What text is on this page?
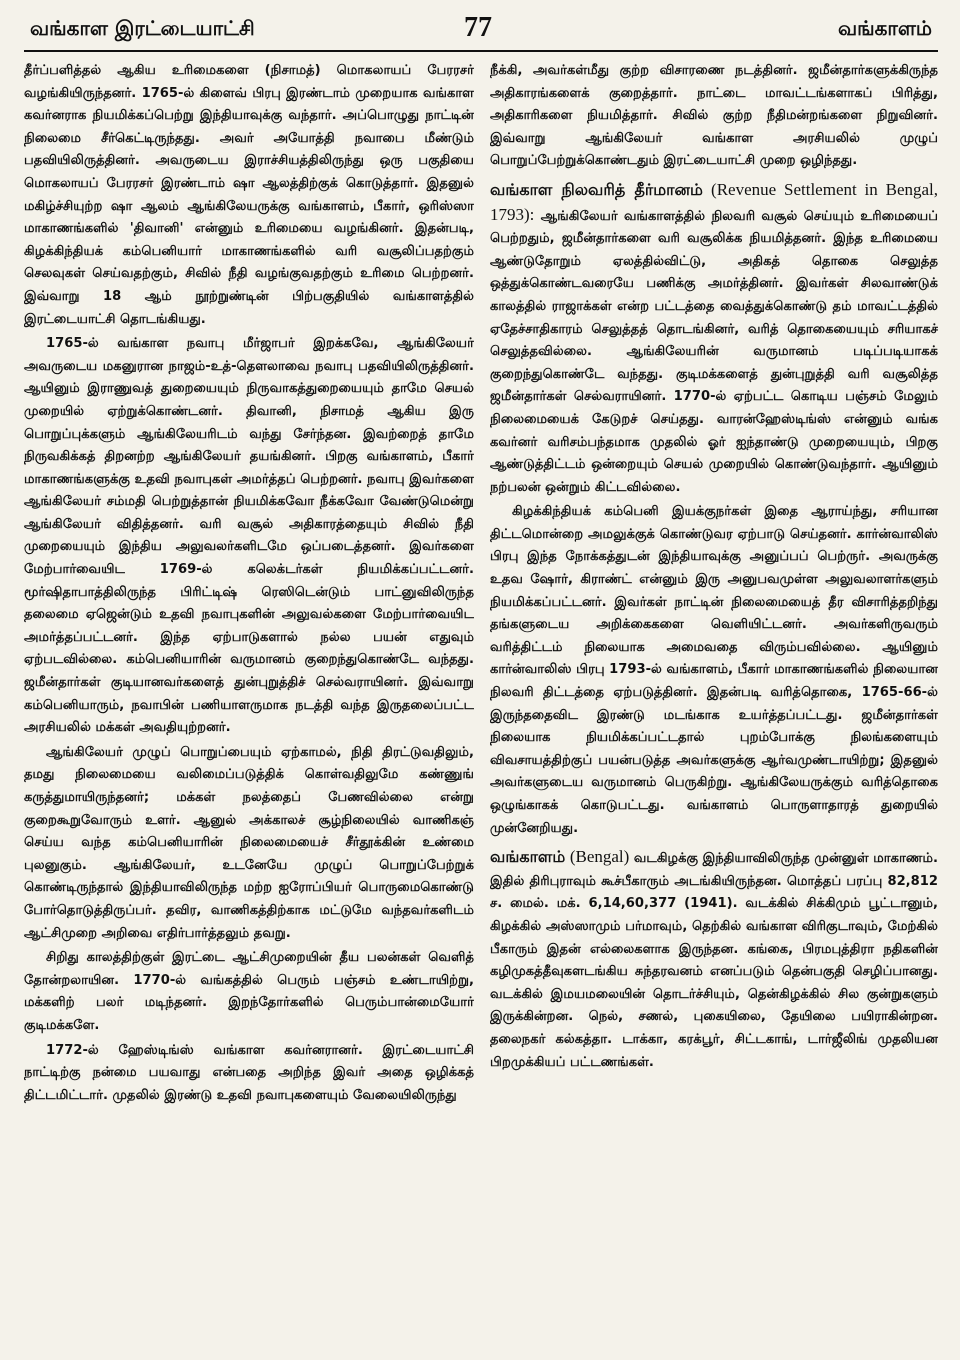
வங்காள இரட்டையாட்சி	77	வங்காளம்

தீர்ப்பளித்தல் ஆகிய உரிமைகளை (நிசாமத்) மொகலாயப் பேரரசர் வழங்கியிருந்தனர். 1765-ல் கிளைவ் பிரபு இரண்டாம் முறையாக வங்காள கவர்னராக நியமிக்கப்பெற்று இந்தியாவுக்கு வந்தார். அப்பொழுது நாட்டின் நிலைமை சீர்கெட்டிருந்தது. அவர் அயோத்தி நவாபை மீண்டும் பதவியிலிருத்தினர். அவருடைய இராச்சியத்திலிருந்து ஒரு பகுதியை மொகலாயப் பேரரசர் இரண்டாம் ஷா ஆலத்திற்குக் கொடுத்தார். இதனுல் மகிழ்ச்சியுற்ற ஷா ஆலம் ஆங்கிலேயருக்கு வங்காளம், பீகார், ஒரிஸ்ஸா மாகாணங்களில் 'திவானி' என்னும் உரிமையை வழங்கினர். இதன்படி, கிழக்கிந்தியக் கம்பெனியார் மாகாணங்களில் வரி வசூலிப்பதற்கும் செலவுகள் செய்வதற்கும், சிவில் நீதி வழங்குவதற்கும் உரிமை பெற்றனர். இவ்வாறு 18 ஆம் நூற்றுண்டின் பிற்பகுதியில் வங்காளத்தில் இரட்டையாட்சி தொடங்கியது.

1765-ல் வங்காள நவாபு மீர்ஜாபர் இறக்கவே, ஆங்கிலேயர் அவருடைய மகனுரான நாஜம்-உத்-தௌலாவை நவாபு பதவியிலிருத்தினர். ஆயினும் இராணுவத் துறையையும் நிருவாகத்துறையையும் தாமே செயல் முறையில் ஏற்றுக்கொண்டனர். திவானி, நிசாமத் ஆகிய இரு பொறுப்புக்களும் ஆங்கிலேயரிடம் வந்து சேர்ந்தன. இவற்றைத் தாமே நிருவகிக்கத் திறனற்ற ஆங்கிலேயர் தயங்கினர். பிறகு வங்காளம், பீகார் மாகாணங்களுக்கு உதவி நவாபுகள் அமர்த்தப் பெற்றனர். நவாபு இவர்களை ஆங்கிலேயர் சம்மதி பெற்றுத்தான் நியமிக்கவோ நீக்கவோ வேண்டுமென்று ஆங்கிலேயர் விதித்தனர். வரி வசூல் அதிகாரத்தையும் சிவில் நீதி முறையையும் இந்திய அலுவலர்களிடமே ஒப்படைத்தனர். இவர்களை மேற்பார்வையிட 1769-ல் கலெக்டர்கள் நியமிக்கப்பட்டனர். மூர்ஷிதாபாத்திலிருந்த பிரிட்டிஷ் ரெஸிடென்டும் பாட்னுவிலிருந்த தலைமை ஏஜென்டும் உதவி நவாபுகளின் அலுவல்களை மேற்பார்வையிட அமர்த்தப்பட்டனர். இந்த ஏற்பாடுகளால் நல்ல பயன் எதுவும் ஏற்படவில்லை. கம்பெனியாரின் வருமானம் குறைந்துகொண்டே வந்தது. ஜமீன்தார்கள் குடியானவர்களைத் துன்புறுத்திச் செல்வராயினர். இவ்வாறு கம்பெனியாரும், நவாபின் பணியாளருமாக நடத்தி வந்த இருதலைப்பட்ட அரசியலில் மக்கள் அவதியுற்றனர்.

ஆங்கிலேயர் முழுப் பொறுப்பையும் ஏற்காமல், நிதி திரட்டுவதிலும், தமது நிலைமையை வலிமைப்படுத்திக் கொள்வதிலுமே கண்ணுங் கருத்துமாயிருந்தனர்; மக்கள் நலத்தைப் பேணவில்லை என்று குறைகூறுவோரும் உளர். ஆனுல் அக்காலச் சூழ்நிலையில் வாணிகஞ் செய்ய வந்த கம்பெனியாரின் நிலைமையைச் சீர்தூக்கின் உண்மை புலனுகும். ஆங்கிலேயர், உடனேயே முழுப் பொறுப்பேற்றுக் கொண்டிருந்தால் இந்தியாவிலிருந்த மற்ற ஐரோப்பியர் பொருமைகொண்டு போர்தொடுத்திருப்பர். தவிர, வாணிகத்திற்காக மட்டுமே வந்தவர்களிடம் ஆட்சிமுறை அறிவை எதிர்பார்த்தலும் தவறு.

சிறிது காலத்திற்குள் இரட்டை ஆட்சிமுறையின் தீய பலன்கள் வெளித் தோன்றலாயின. 1770-ல் வங்கத்தில் பெரும் பஞ்சம் உண்டாயிற்று, மக்களிற் பலர் மடிந்தனர். இறந்தோர்களில் பெரும்பான்மையோர் குடிமக்களே.

1772-ல் ஹேஸ்டிங்ஸ் வங்காள கவர்னரானர். இரட்டையாட்சி நாட்டிற்கு நன்மை பயவாது என்பதை அறிந்த இவர் அதை ஒழிக்கத் திட்டமிட்டார். முதலில் இரண்டு உதவி நவாபுகளையும் வேலையிலிருந்து

நீக்கி, அவர்கள்மீது குற்ற விசாரணை நடத்தினர். ஜமீன்தார்களுக்கிருந்த அதிகாரங்களைக் குறைத்தார். நாட்டை மாவட்டங்களாகப் பிரித்து, அதிகாரிகளை நியமித்தார். சிவில் குற்ற நீதிமன்றங்களை நிறுவினர். இவ்வாறு ஆங்கிலேயர் வங்காள அரசியலில் முழுப் பொறுப்பேற்றுக்கொண்டதும் இரட்டையாட்சி முறை ஒழிந்தது.

வங்காள நிலவரித் தீர்மானம் (Revenue Settlement in Bengal, 1793): ஆங்கிலேயர் வங்காளத்தில் நிலவரி வசூல் செய்யும் உரிமையைப் பெற்றதும், ஜமீன்தார்களை வரி வசூலிக்க நியமித்தனர். இந்த உரிமையை ஆண்டுதோறும் ஏலத்தில்விட்டு, அதிகத் தொகை செலுத்த ஒத்துக்கொண்டவரையே பணிக்கு அமர்த்தினர். இவர்கள் சிலவாண்டுக் காலத்தில் ராஜாக்கள் என்ற பட்டத்தை வைத்துக்கொண்டு தம் மாவட்டத்தில் ஏதேச்சாதிகாரம் செலுத்தத் தொடங்கினர், வரித் தொகையையும் சரியாகச் செலுத்தவில்லை. ஆங்கிலேயரின் வருமானம் படிப்படியாகக் குறைந்துகொண்டே வந்தது. குடிமக்களைத் துன்புறுத்தி வரி வசூலித்த ஜமீன்தார்கள் செல்வராயினர். 1770-ல் ஏற்பட்ட கொடிய பஞ்சம் மேலும் நிலைமையைக் கேடுறச் செய்தது. வாரன்ஹேஸ்டிங்ஸ் என்னும் வங்க கவர்னர் வரிசம்பந்தமாக முதலில் ஓர் ஐந்தாண்டு முறையையும், பிறகு ஆண்டுத்திட்டம் ஒன்றையும் செயல் முறையில் கொண்டுவந்தார். ஆயினும் நற்பலன் ஒன்றும் கிட்டவில்லை.

கிழக்கிந்தியக் கம்பெனி இயக்குநர்கள் இதை ஆராய்ந்து, சரியான திட்டமொன்றை அமலுக்குக் கொண்டுவர ஏற்பாடு செய்தனர். கார்ன்வாலிஸ் பிரபு இந்த நோக்கத்துடன் இந்தியாவுக்கு அனுப்பப் பெற்ருர். அவருக்கு உதவ ஷோர், கிராண்ட் என்னும் இரு அனுபவமுள்ள அலுவலாளர்களும் நியமிக்கப்பட்டனர். இவர்கள் நாட்டின் நிலைமையைத் தீர விசாரித்தறிந்து தங்களுடைய அறிக்கைகளை வெளியிட்டனர். அவர்களிருவரும் வரித்திட்டம் நிலையாக அமைவதை விரும்பவில்லை. ஆயினும் கார்ன்வாலிஸ் பிரபு 1793-ல் வங்காளம், பீகார் மாகாணங்களில் நிலையான நிலவரி திட்டத்தை ஏற்படுத்தினர். இதன்படி வரித்தொகை, 1765-66-ல் இருந்ததைவிட இரண்டு மடங்காக உயர்த்தப்பட்டது. ஜமீன்தார்கள் நிலையாக நியமிக்கப்பட்டதால் புறம்போக்கு நிலங்களையும் விவசாயத்திற்குப் பயன்படுத்த அவர்களுக்கு ஆர்வமுண்டாயிற்று; இதனுல் அவர்களுடைய வருமானம் பெருகிற்று. ஆங்கிலேயருக்கும் வரித்தொகை ஒழுங்காகக் கொடுபட்டது. வங்காளம் பொருளாதாரத் துறையில் முன்னேறியது.

வங்காளம் (Bengal) வடகிழக்கு இந்தியாவிலிருந்த முன்னுள் மாகாணம். இதில் திரிபுராவும் கூச்பீகாரும் அடங்கியிருந்தன. மொத்தப் பரப்பு 82,812 ச. மைல். மக். 6,14,60,377 (1941). வடக்கில் சிக்கிமும் பூட்டானும், கிழக்கில் அஸ்ஸாமும் பர்மாவும், தெற்கில் வங்காள விரிகுடாவும், மேற்கில் பீகாரும் இதன் எல்லைகளாக இருந்தன. கங்கை, பிரமபுத்திரா நதிகளின் கழிமுகத்தீவுகளடங்கிய சுந்தரவனம் எனப்படும் தென்பகுதி செழிப்பானது. வடக்கில் இமயமலையின் தொடர்ச்சியும், தென்கிழக்கில் சில குன்றுகளும் இருக்கின்றன. நெல், சணல், புகையிலை, தேயிலை பயிராகின்றன. தலைநகர் கல்கத்தா. டாக்கா, கரக்பூர், சிட்டகாங், டார்ஜீலிங் முதலியன பிறமுக்கியப் பட்டணங்கள்.
